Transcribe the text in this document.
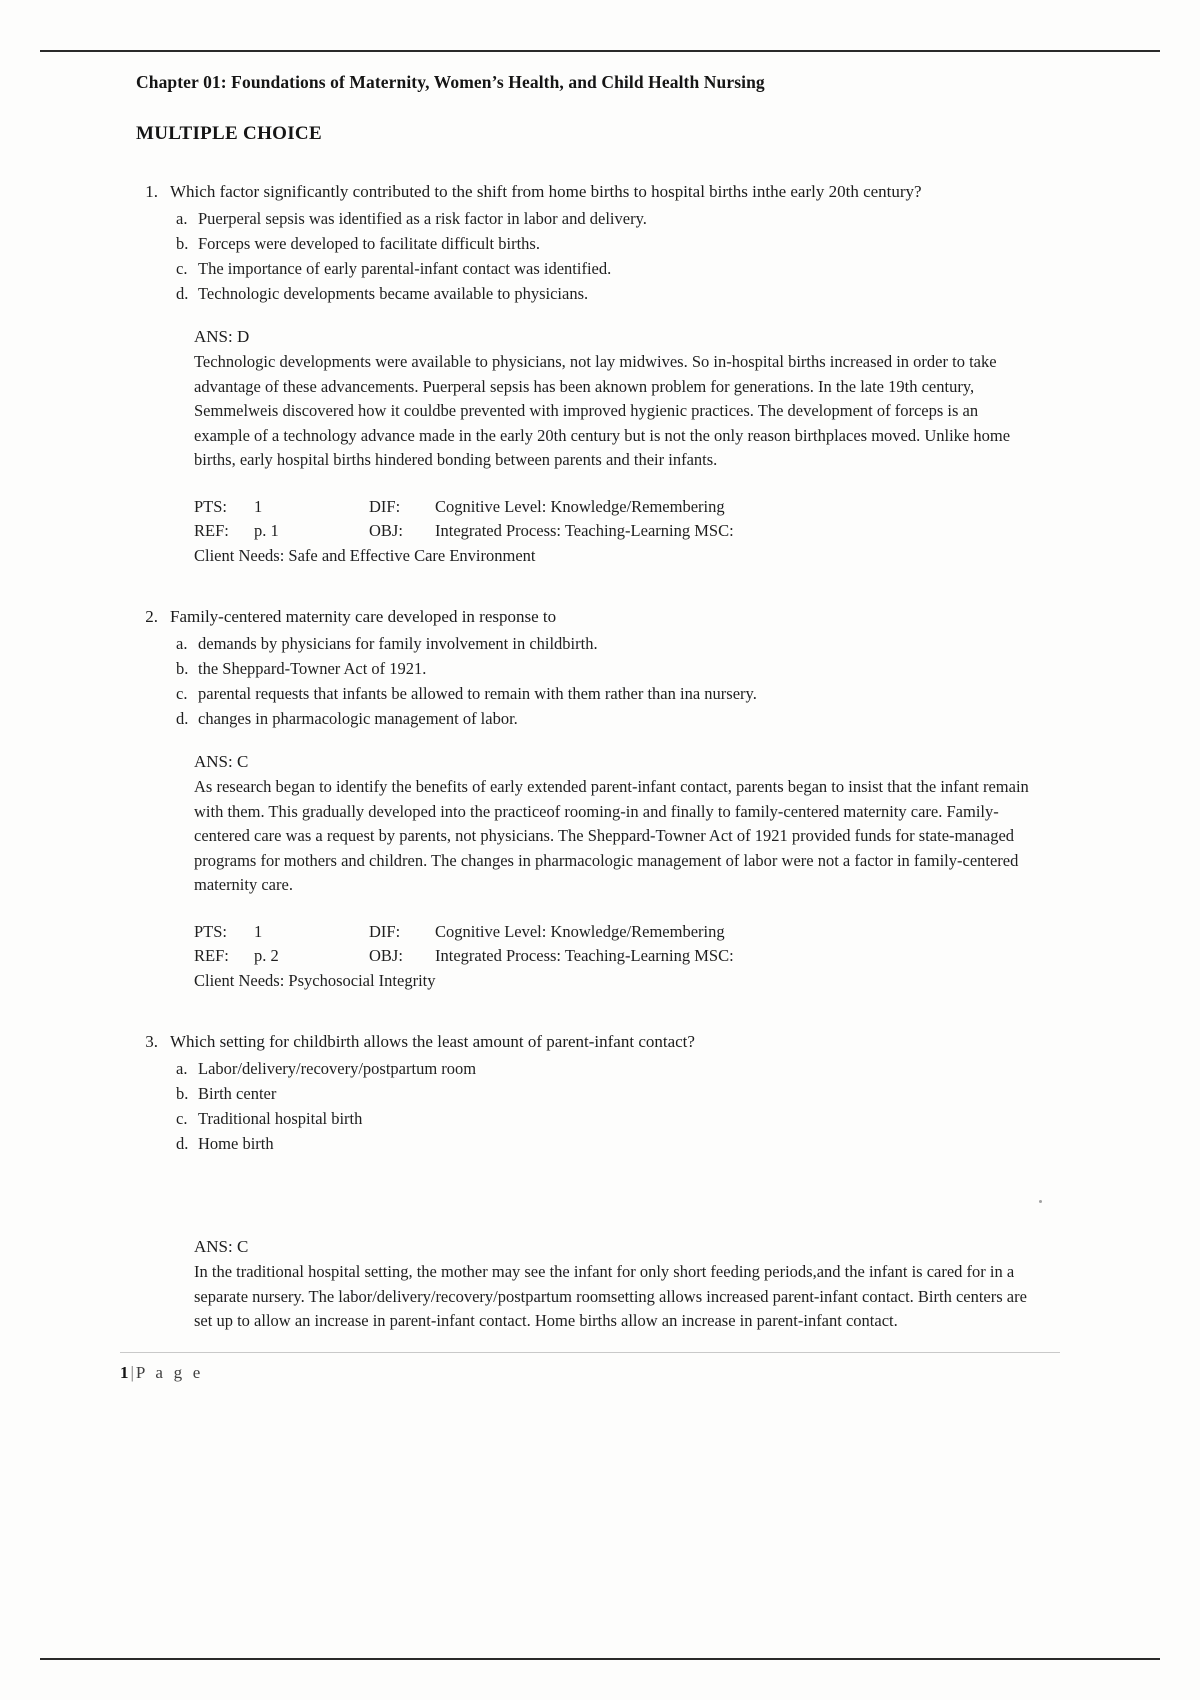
Chapter 01: Foundations of Maternity, Women’s Health, and Child Health Nursing
MULTIPLE CHOICE
1. Which factor significantly contributed to the shift from home births to hospital births inthe early 20th century?
a. Puerperal sepsis was identified as a risk factor in labor and delivery.
b. Forceps were developed to facilitate difficult births.
c. The importance of early parental-infant contact was identified.
d. Technologic developments became available to physicians.
ANS: D
Technologic developments were available to physicians, not lay midwives. So in-hospital births increased in order to take advantage of these advancements. Puerperal sepsis has been aknown problem for generations. In the late 19th century, Semmelweis discovered how it couldbe prevented with improved hygienic practices. The development of forceps is an example of a technology advance made in the early 20th century but is not the only reason birthplaces moved. Unlike home births, early hospital births hindered bonding between parents and their infants.
PTS:	1	DIF:	Cognitive Level: Knowledge/Remembering
REF:	p. 1	OBJ:	Integrated Process: Teaching-Learning MSC:
Client Needs: Safe and Effective Care Environment
2. Family-centered maternity care developed in response to
a. demands by physicians for family involvement in childbirth.
b. the Sheppard-Towner Act of 1921.
c. parental requests that infants be allowed to remain with them rather than ina nursery.
d. changes in pharmacologic management of labor.
ANS: C
As research began to identify the benefits of early extended parent-infant contact, parents began to insist that the infant remain with them. This gradually developed into the practiceof rooming-in and finally to family-centered maternity care. Family-centered care was a request by parents, not physicians. The Sheppard-Towner Act of 1921 provided funds for state-managed programs for mothers and children. The changes in pharmacologic management of labor were not a factor in family-centered maternity care.
PTS:	1	DIF:	Cognitive Level: Knowledge/Remembering
REF:	p. 2	OBJ:	Integrated Process: Teaching-Learning MSC:
Client Needs: Psychosocial Integrity
3. Which setting for childbirth allows the least amount of parent-infant contact?
a. Labor/delivery/recovery/postpartum room
b. Birth center
c. Traditional hospital birth
d. Home birth
ANS: C
In the traditional hospital setting, the mother may see the infant for only short feeding periods,and the infant is cared for in a separate nursery. The labor/delivery/recovery/postpartum roomsetting allows increased parent-infant contact. Birth centers are set up to allow an increase in parent-infant contact. Home births allow an increase in parent-infant contact.
1 | P a g e
